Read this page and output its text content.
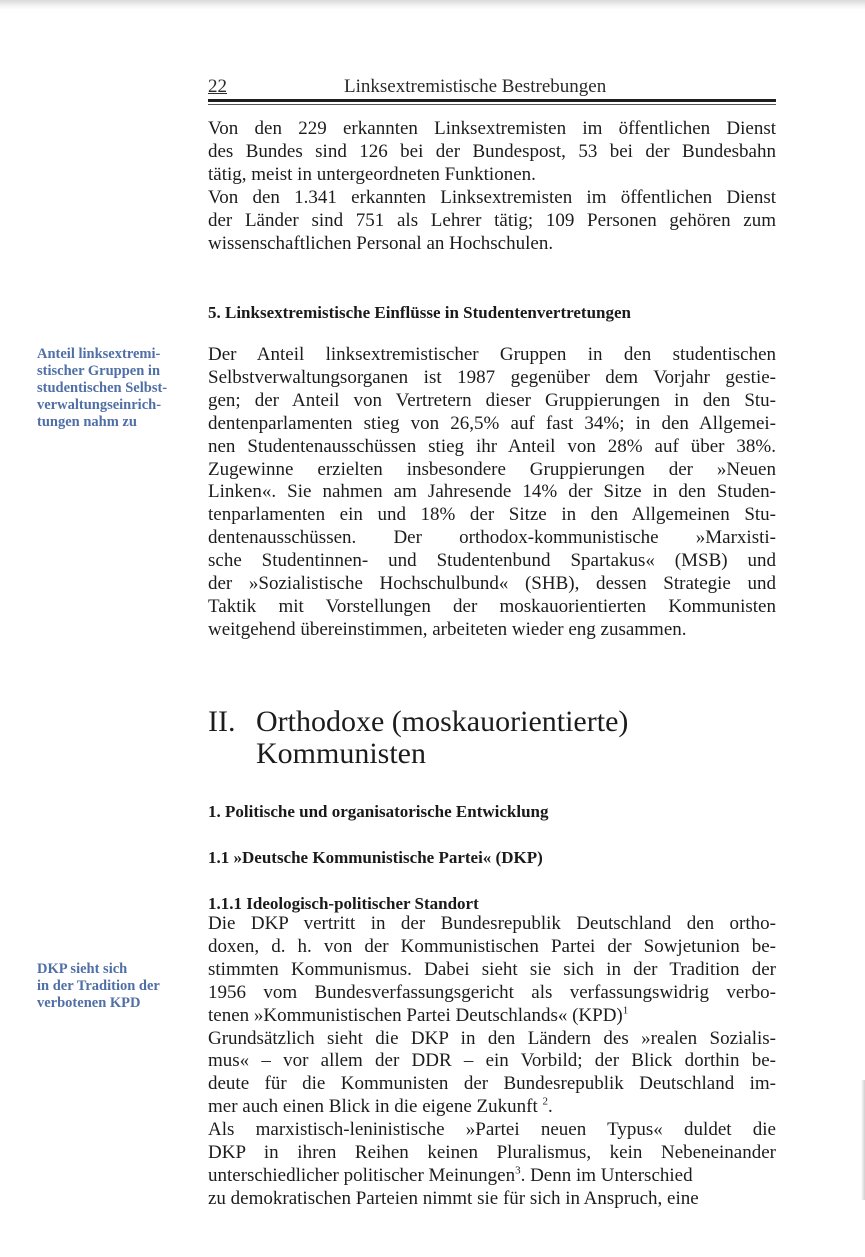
22	Linksextremistische Bestrebungen
Von den 229 erkannten Linksextremisten im öffentlichen Dienst
des Bundes sind 126 bei der Bundespost, 53 bei der Bundesbahn
tätig, meist in untergeordneten Funktionen.
Von den 1.341 erkannten Linksextremisten im öffentlichen Dienst
der Länder sind 751 als Lehrer tätig; 109 Personen gehören zum
wissenschaftlichen Personal an Hochschulen.
5. Linksextremistische Einflüsse in Studentenvertretungen
Anteil linksextremi-
stischer Gruppen in
studentischen Selbst-
verwaltungseinrich-
tungen nahm zu
Der Anteil linksextremistischer Gruppen in den studentischen
Selbstverwaltungsorganen ist 1987 gegenüber dem Vorjahr gestie-
gen; der Anteil von Vertretern dieser Gruppierungen in den Stu-
dentenparlamenten stieg von 26,5% auf fast 34%; in den Allgemei-
nen Studentenausschüssen stieg ihr Anteil von 28% auf über 38%.
Zugewinne erzielten insbesondere Gruppierungen der »Neuen
Linken«. Sie nahmen am Jahresende 14% der Sitze in den Studen-
tenparlamenten ein und 18% der Sitze in den Allgemeinen Stu-
dentenausschüssen. Der orthodox-kommunistische »Marxisti-
sche Studentinnen- und Studentenbund Spartakus« (MSB) und
der »Sozialistische Hochschulbund« (SHB), dessen Strategie und
Taktik mit Vorstellungen der moskauorientierten Kommunisten
weitgehend übereinstimmen, arbeiteten wieder eng zusammen.
II. Orthodoxe (moskauorientierte)
Kommunisten
1. Politische und organisatorische Entwicklung
1.1 »Deutsche Kommunistische Partei« (DKP)
1.1.1 Ideologisch-politischer Standort
DKP sieht sich
in der Tradition der
verbotenen KPD
Die DKP vertritt in der Bundesrepublik Deutschland den ortho-
doxen, d. h. von der Kommunistischen Partei der Sowjetunion be-
stimmten Kommunismus. Dabei sieht sie sich in der Tradition der
1956 vom Bundesverfassungsgericht als verfassungswidrig verbo-
tenen »Kommunistischen Partei Deutschlands« (KPD)$^1$
Grundsätzlich sieht die DKP in den Ländern des »realen Sozialis-
mus« – vor allem der DDR – ein Vorbild; der Blick dorthin be-
deute für die Kommunisten der Bundesrepublik Deutschland im-
mer auch einen Blick in die eigene Zukunft $^2$.
Als marxistisch-leninistische »Partei neuen Typus« duldet die
DKP in ihren Reihen keinen Pluralismus, kein Nebeneinander
unterschiedlicher politischer Meinungen$^3$. Denn im Unterschied
zu demokratischen Parteien nimmt sie für sich in Anspruch, eine
